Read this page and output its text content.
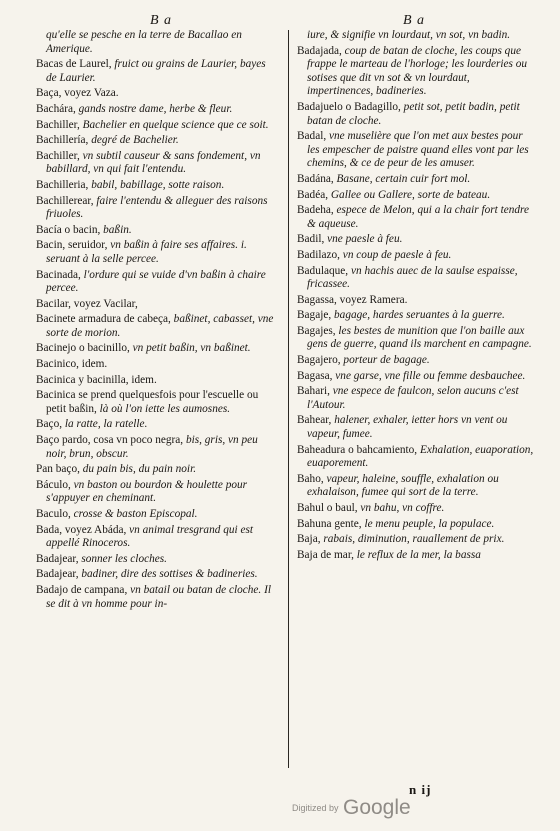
B a	B a
qu'elle se pesche en la terre de Bacallao en Amerique.
Bacas de Laurel, fruict ou grains de Laurier, bayes de Laurier.
Baça, voyez Vaza.
Bachára, gands nostre dame, herbe & fleur.
Bachiller, Bachelier en quelque science que ce soit.
Bachillería, degré de Bachelier.
Bachiller, vn subtil causeur & sans fondement, vn babillard, vn qui fait l'entendu.
Bachilleria, babil, babillage, sotte raison.
Bachillerear, faire l'entendu & alleguer des raisons friuoles.
Bacía o bacin, baßin.
Bacin, seruidor, vn baßin à faire ses affaires. i. seruant à la selle percee.
Bacinada, l'ordure qui se vuide d'vn baßin à chaire percee.
Bacilar, voyez Vacilar,
Bacinete armadura de cabeça, baßinet, cabasset, vne sorte de morion.
Bacinejo o bacinillo, vn petit baßin, vn baßinet.
Bacinico, idem.
Bacinica y bacinilla, idem.
Bacinica se prend quelquesfois pour l'escuelle ou petit baßin, là où l'on iette les aumosnes.
Baço, la ratte, la ratelle.
Baço pardo, cosa vn poco negra, bis, gris, vn peu noir, brun, obscur.
Pan baço, du pain bis, du pain noir.
Báculo, vn baston ou bourdon & houlette pour s'appuyer en cheminant.
Baculo, crosse & baston Episcopal.
Bada, voyez Abáda, vn animal tresgrand qui est appellé Rinoceros.
Badajear, sonner les cloches.
Badajear, badiner, dire des sottises & badineries.
Badajo de campana, vn batail ou batan de cloche. Il se dit à vn homme pour in-
iure, & signifie vn lourdaut, vn sot, vn badin.
Badajada, coup de batan de cloche, les coups que frappe le marteau de l'horloge; les lourderies ou sotises que dit vn sot & vn lourdaut, impertinences, badineries.
Badajuelo o Badagillo, petit sot, petit badin, petit batan de cloche.
Badal, vne muselière que l'on met aux bestes pour les empescher de paistre quand elles vont par les chemins, & ce de peur de les amuser.
Badána, Basane, certain cuir fort mol.
Badéa, Gallee ou Gallere, sorte de bateau.
Badeha, espece de Melon, qui a la chair fort tendre & aqueuse.
Badil, vne paesle à feu.
Badilazo, vn coup de paesle à feu.
Badulaque, vn hachis auec de la saulse espaisse, fricassee.
Bagassa, voyez Ramera.
Bagaje, bagage, hardes seruantes à la guerre.
Bagajes, les bestes de munition que l'on baille aux gens de guerre, quand ils marchent en campagne.
Bagajero, porteur de bagage.
Bagasa, vne garse, vne fille ou femme desbauchee.
Bahari, vne espece de faulcon, selon aucuns c'est l'Autour.
Bahear, halener, exhaler, ietter hors vn vent ou vapeur, fumee.
Baheadura o bahcamiento, Exhalation, euaporation, euaporement.
Baho, vapeur, haleine, souffle, exhalation ou exhalaison, fumee qui sort de la terre.
Bahul o baul, vn bahu, vn coffre.
Bahuna gente, le menu peuple, la populace.
Baja, rabais, diminution, rauallement de prix.
Baja de mar, le reflux de la mer, la bassa
n ij
Digitized by Google
